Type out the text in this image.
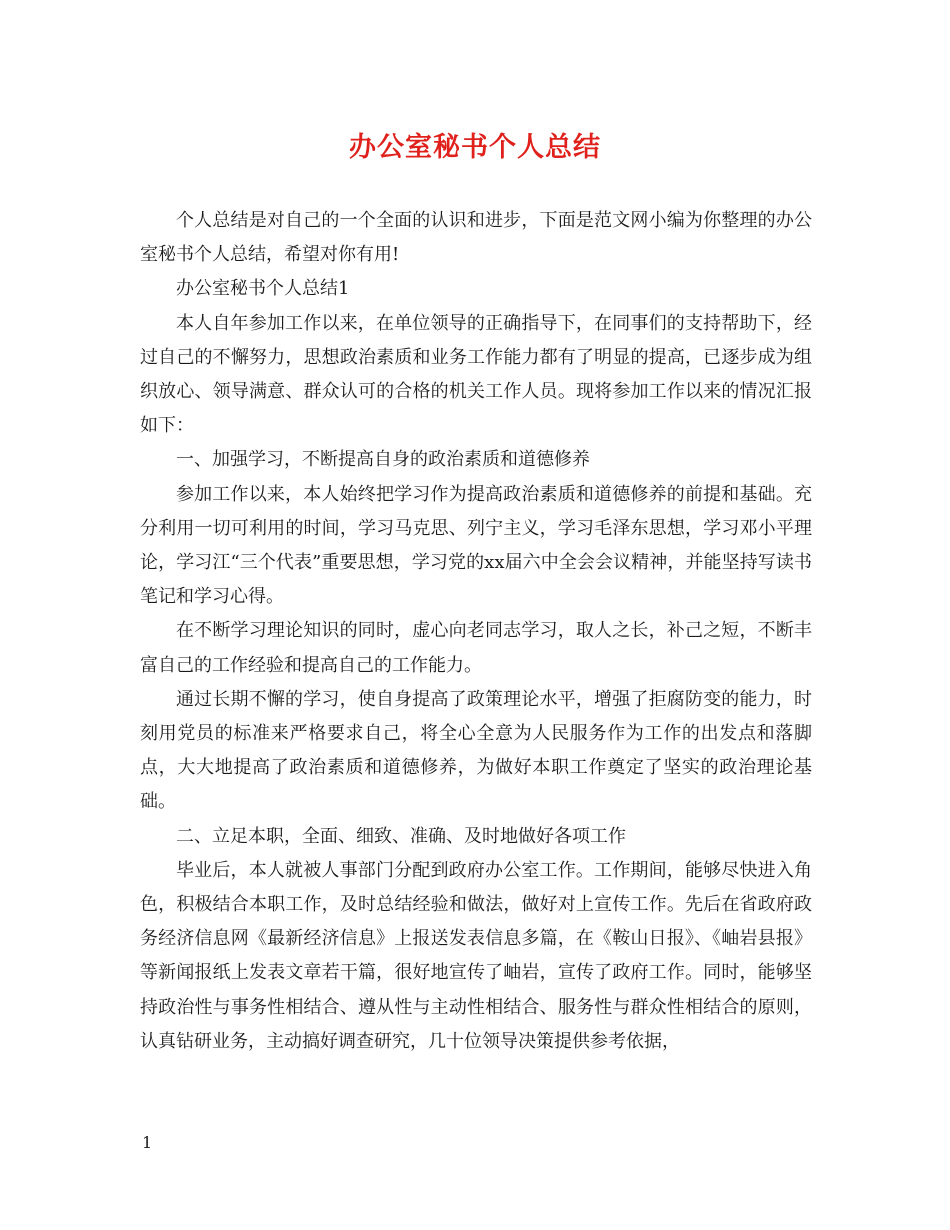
办公室秘书个人总结

个人总结是对自己的一个全面的认识和进步，下面是范文网小编为你整理的办公室秘书个人总结，希望对你有用!

办公室秘书个人总结1

本人自年参加工作以来，在单位领导的正确指导下，在同事们的支持帮助下，经过自己的不懈努力，思想政治素质和业务工作能力都有了明显的提高，已逐步成为组织放心、领导满意、群众认可的合格的机关工作人员。现将参加工作以来的情况汇报如下：

一、加强学习，不断提高自身的政治素质和道德修养

参加工作以来，本人始终把学习作为提高政治素质和道德修养的前提和基础。充分利用一切可利用的时间，学习马克思、列宁主义，学习毛泽东思想，学习邓小平理论，学习江“三个代表”重要思想，学习党的xx届六中全会会议精神，并能坚持写读书笔记和学习心得。

在不断学习理论知识的同时，虚心向老同志学习，取人之长，补己之短，不断丰富自己的工作经验和提高自己的工作能力。

通过长期不懈的学习，使自身提高了政策理论水平，增强了拒腐防变的能力，时刻用党员的标准来严格要求自己，将全心全意为人民服务作为工作的出发点和落脚点，大大地提高了政治素质和道德修养，为做好本职工作奠定了坚实的政治理论基础。

二、立足本职，全面、细致、准确、及时地做好各项工作

毕业后，本人就被人事部门分配到政府办公室工作。工作期间，能够尽快进入角色，积极结合本职工作，及时总结经验和做法，做好对上宣传工作。先后在省政府政务经济信息网《最新经济信息》上报送发表信息多篇，在《鞍山日报》、《岫岩县报》等新闻报纸上发表文章若干篇，很好地宣传了岫岩，宣传了政府工作。同时，能够坚持政治性与事务性相结合、遵从性与主动性相结合、服务性与群众性相结合的原则，认真钻研业务，主动搞好调查研究，几十位领导决策提供参考依据，

1
